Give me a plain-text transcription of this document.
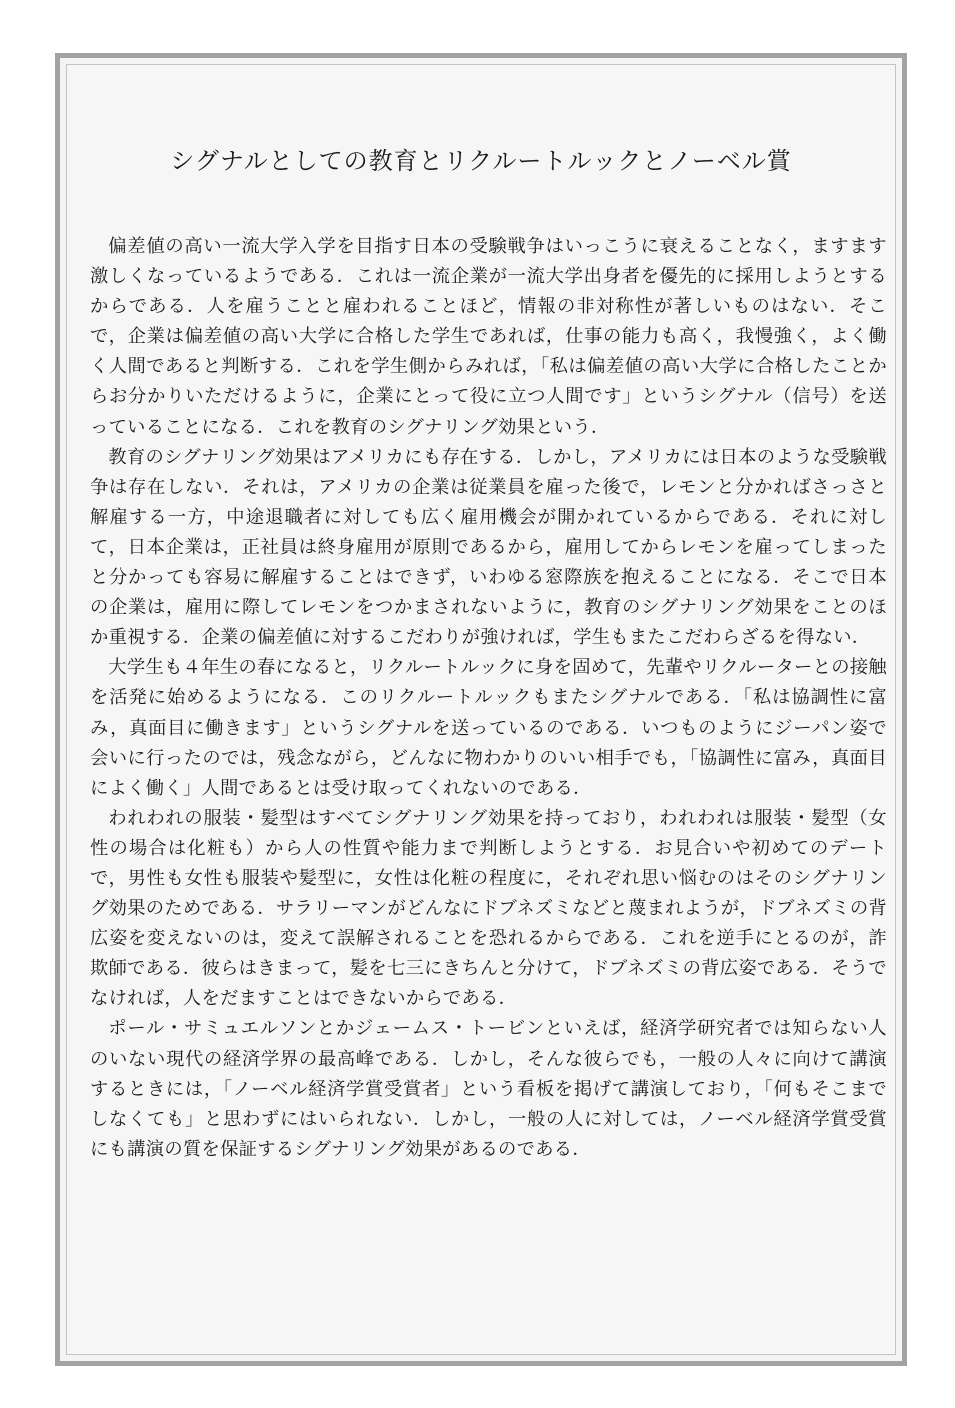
シグナルとしての教育とリクルートルックとノーベル賞

偏差値の高い一流大学入学を目指す日本の受験戦争はいっこうに衰えることなく，ますます激しくなっているようである．これは一流企業が一流大学出身者を優先的に採用しようとするからである．人を雇うことと雇われることほど，情報の非対称性が著しいものはない．そこで，企業は偏差値の高い大学に合格した学生であれば，仕事の能力も高く，我慢強く，よく働く人間であると判断する．これを学生側からみれば，「私は偏差値の高い大学に合格したことからお分かりいただけるように，企業にとって役に立つ人間です」というシグナル（信号）を送っていることになる．これを教育のシグナリング効果という．

教育のシグナリング効果はアメリカにも存在する．しかし，アメリカには日本のような受験戦争は存在しない．それは，アメリカの企業は従業員を雇った後で，レモンと分かればさっさと解雇する一方，中途退職者に対しても広く雇用機会が開かれているからである．それに対して，日本企業は，正社員は終身雇用が原則であるから，雇用してからレモンを雇ってしまったと分かっても容易に解雇することはできず，いわゆる窓際族を抱えることになる．そこで日本の企業は，雇用に際してレモンをつかまされないように，教育のシグナリング効果をことのほか重視する．企業の偏差値に対するこだわりが強ければ，学生もまたこだわらざるを得ない．

大学生も４年生の春になると，リクルートルックに身を固めて，先輩やリクルーターとの接触を活発に始めるようになる．このリクルートルックもまたシグナルである．「私は協調性に富み，真面目に働きます」というシグナルを送っているのである．いつものようにジーパン姿で会いに行ったのでは，残念ながら，どんなに物わかりのいい相手でも，「協調性に富み，真面目によく働く」人間であるとは受け取ってくれないのである．

われわれの服装・髪型はすべてシグナリング効果を持っており，われわれは服装・髪型（女性の場合は化粧も）から人の性質や能力まで判断しようとする．お見合いや初めてのデートで，男性も女性も服装や髪型に，女性は化粧の程度に，それぞれ思い悩むのはそのシグナリング効果のためである．サラリーマンがどんなにドブネズミなどと蔑まれようが，ドブネズミの背広姿を変えないのは，変えて誤解されることを恐れるからである．これを逆手にとるのが，詐欺師である．彼らはきまって，髪を七三にきちんと分けて，ドブネズミの背広姿である．そうでなければ，人をだますことはできないからである．

ポール・サミュエルソンとかジェームス・トービンといえば，経済学研究者では知らない人のいない現代の経済学界の最高峰である．しかし，そんな彼らでも，一般の人々に向けて講演するときには，「ノーベル経済学賞受賞者」という看板を掲げて講演しており，「何もそこまでしなくても」と思わずにはいられない．しかし，一般の人に対しては，ノーベル経済学賞受賞にも講演の質を保証するシグナリング効果があるのである．
